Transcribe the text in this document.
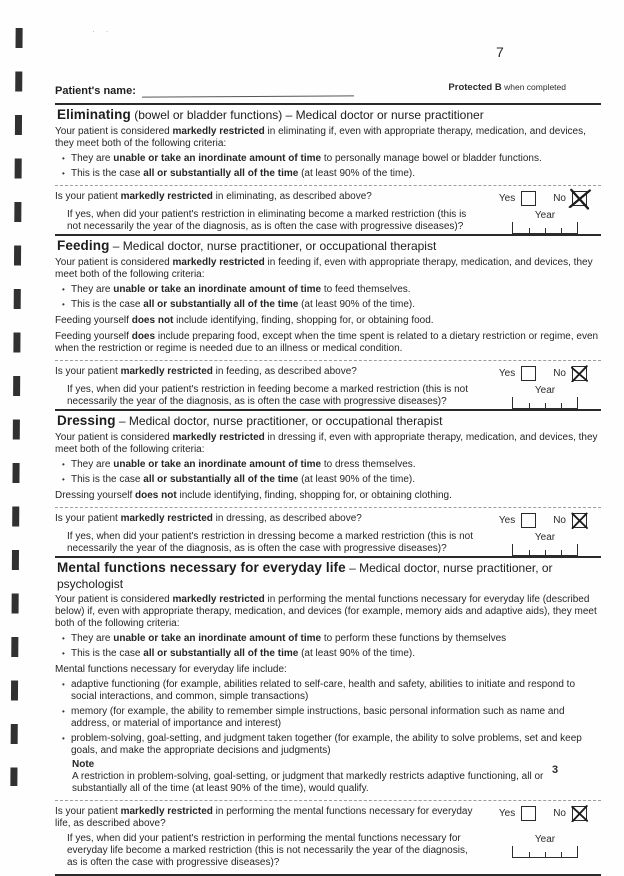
· ·
7
Protected B when completed
Patient's name:
Eliminating (bowel or bladder functions) – Medical doctor or nurse practitioner

Your patient is considered markedly restricted in eliminating if, even with appropriate therapy, medication, and devices, they meet both of the following criteria:

• They are unable or take an inordinate amount of time to personally manage bowel or bladder functions.
• This is the case all or substantially all of the time (at least 90% of the time).
Is your patient markedly restricted in eliminating, as described above?	Yes	No
If yes, when did your patient's restriction in eliminating become a marked restriction (this is not necessarily the year of the diagnosis, as is often the case with progressive diseases)?
Year
Feeding – Medical doctor, nurse practitioner, or occupational therapist

Your patient is considered markedly restricted in feeding if, even with appropriate therapy, medication, and devices, they meet both of the following criteria:

• They are unable or take an inordinate amount of time to feed themselves.
• This is the case all or substantially all of the time (at least 90% of the time).

Feeding yourself does not include identifying, finding, shopping for, or obtaining food.

Feeding yourself does include preparing food, except when the time spent is related to a dietary restriction or regime, even when the restriction or regime is needed due to an illness or medical condition.

Is your patient markedly restricted in feeding, as described above?	Yes	No
If yes, when did your patient's restriction in feeding become a marked restriction (this is not necessarily the year of the diagnosis, as is often the case with progressive diseases)?
Year
Dressing – Medical doctor, nurse practitioner, or occupational therapist

Your patient is considered markedly restricted in dressing if, even with appropriate therapy, medication, and devices, they meet both of the following criteria:

• They are unable or take an inordinate amount of time to dress themselves.
• This is the case all or substantially all of the time (at least 90% of the time).

Dressing yourself does not include identifying, finding, shopping for, or obtaining clothing.

Is your patient markedly restricted in dressing, as described above?	Yes	No
If yes, when did your patient's restriction in dressing become a marked restriction (this is not necessarily the year of the diagnosis, as is often the case with progressive diseases)?
Year
Mental functions necessary for everyday life – Medical doctor, nurse practitioner, or psychologist

Your patient is considered markedly restricted in performing the mental functions necessary for everyday life (described below) if, even with appropriate therapy, medication, and devices (for example, memory aids and adaptive aids), they meet both of the following criteria:

• They are unable or take an inordinate amount of time to perform these functions by themselves
• This is the case all or substantially all of the time (at least 90% of the time).

Mental functions necessary for everyday life include:

• adaptive functioning (for example, abilities related to self-care, health and safety, abilities to initiate and respond to social interactions, and common, simple transactions)
• memory (for example, the ability to remember simple instructions, basic personal information such as name and address, or material of importance and interest)
• problem-solving, goal-setting, and judgment taken together (for example, the ability to solve problems, set and keep goals, and make the appropriate decisions and judgments)
Note
A restriction in problem-solving, goal-setting, or judgment that markedly restricts adaptive functioning, all or substantially all of the time (at least 90% of the time), would qualify.
Is your patient markedly restricted in performing the mental functions necessary for everyday life, as described above?
Yes	No
If yes, when did your patient's restriction in performing the mental functions necessary for everyday life become a marked restriction (this is not necessarily the year of the diagnosis, as is often the case with progressive diseases)?
Year
3
